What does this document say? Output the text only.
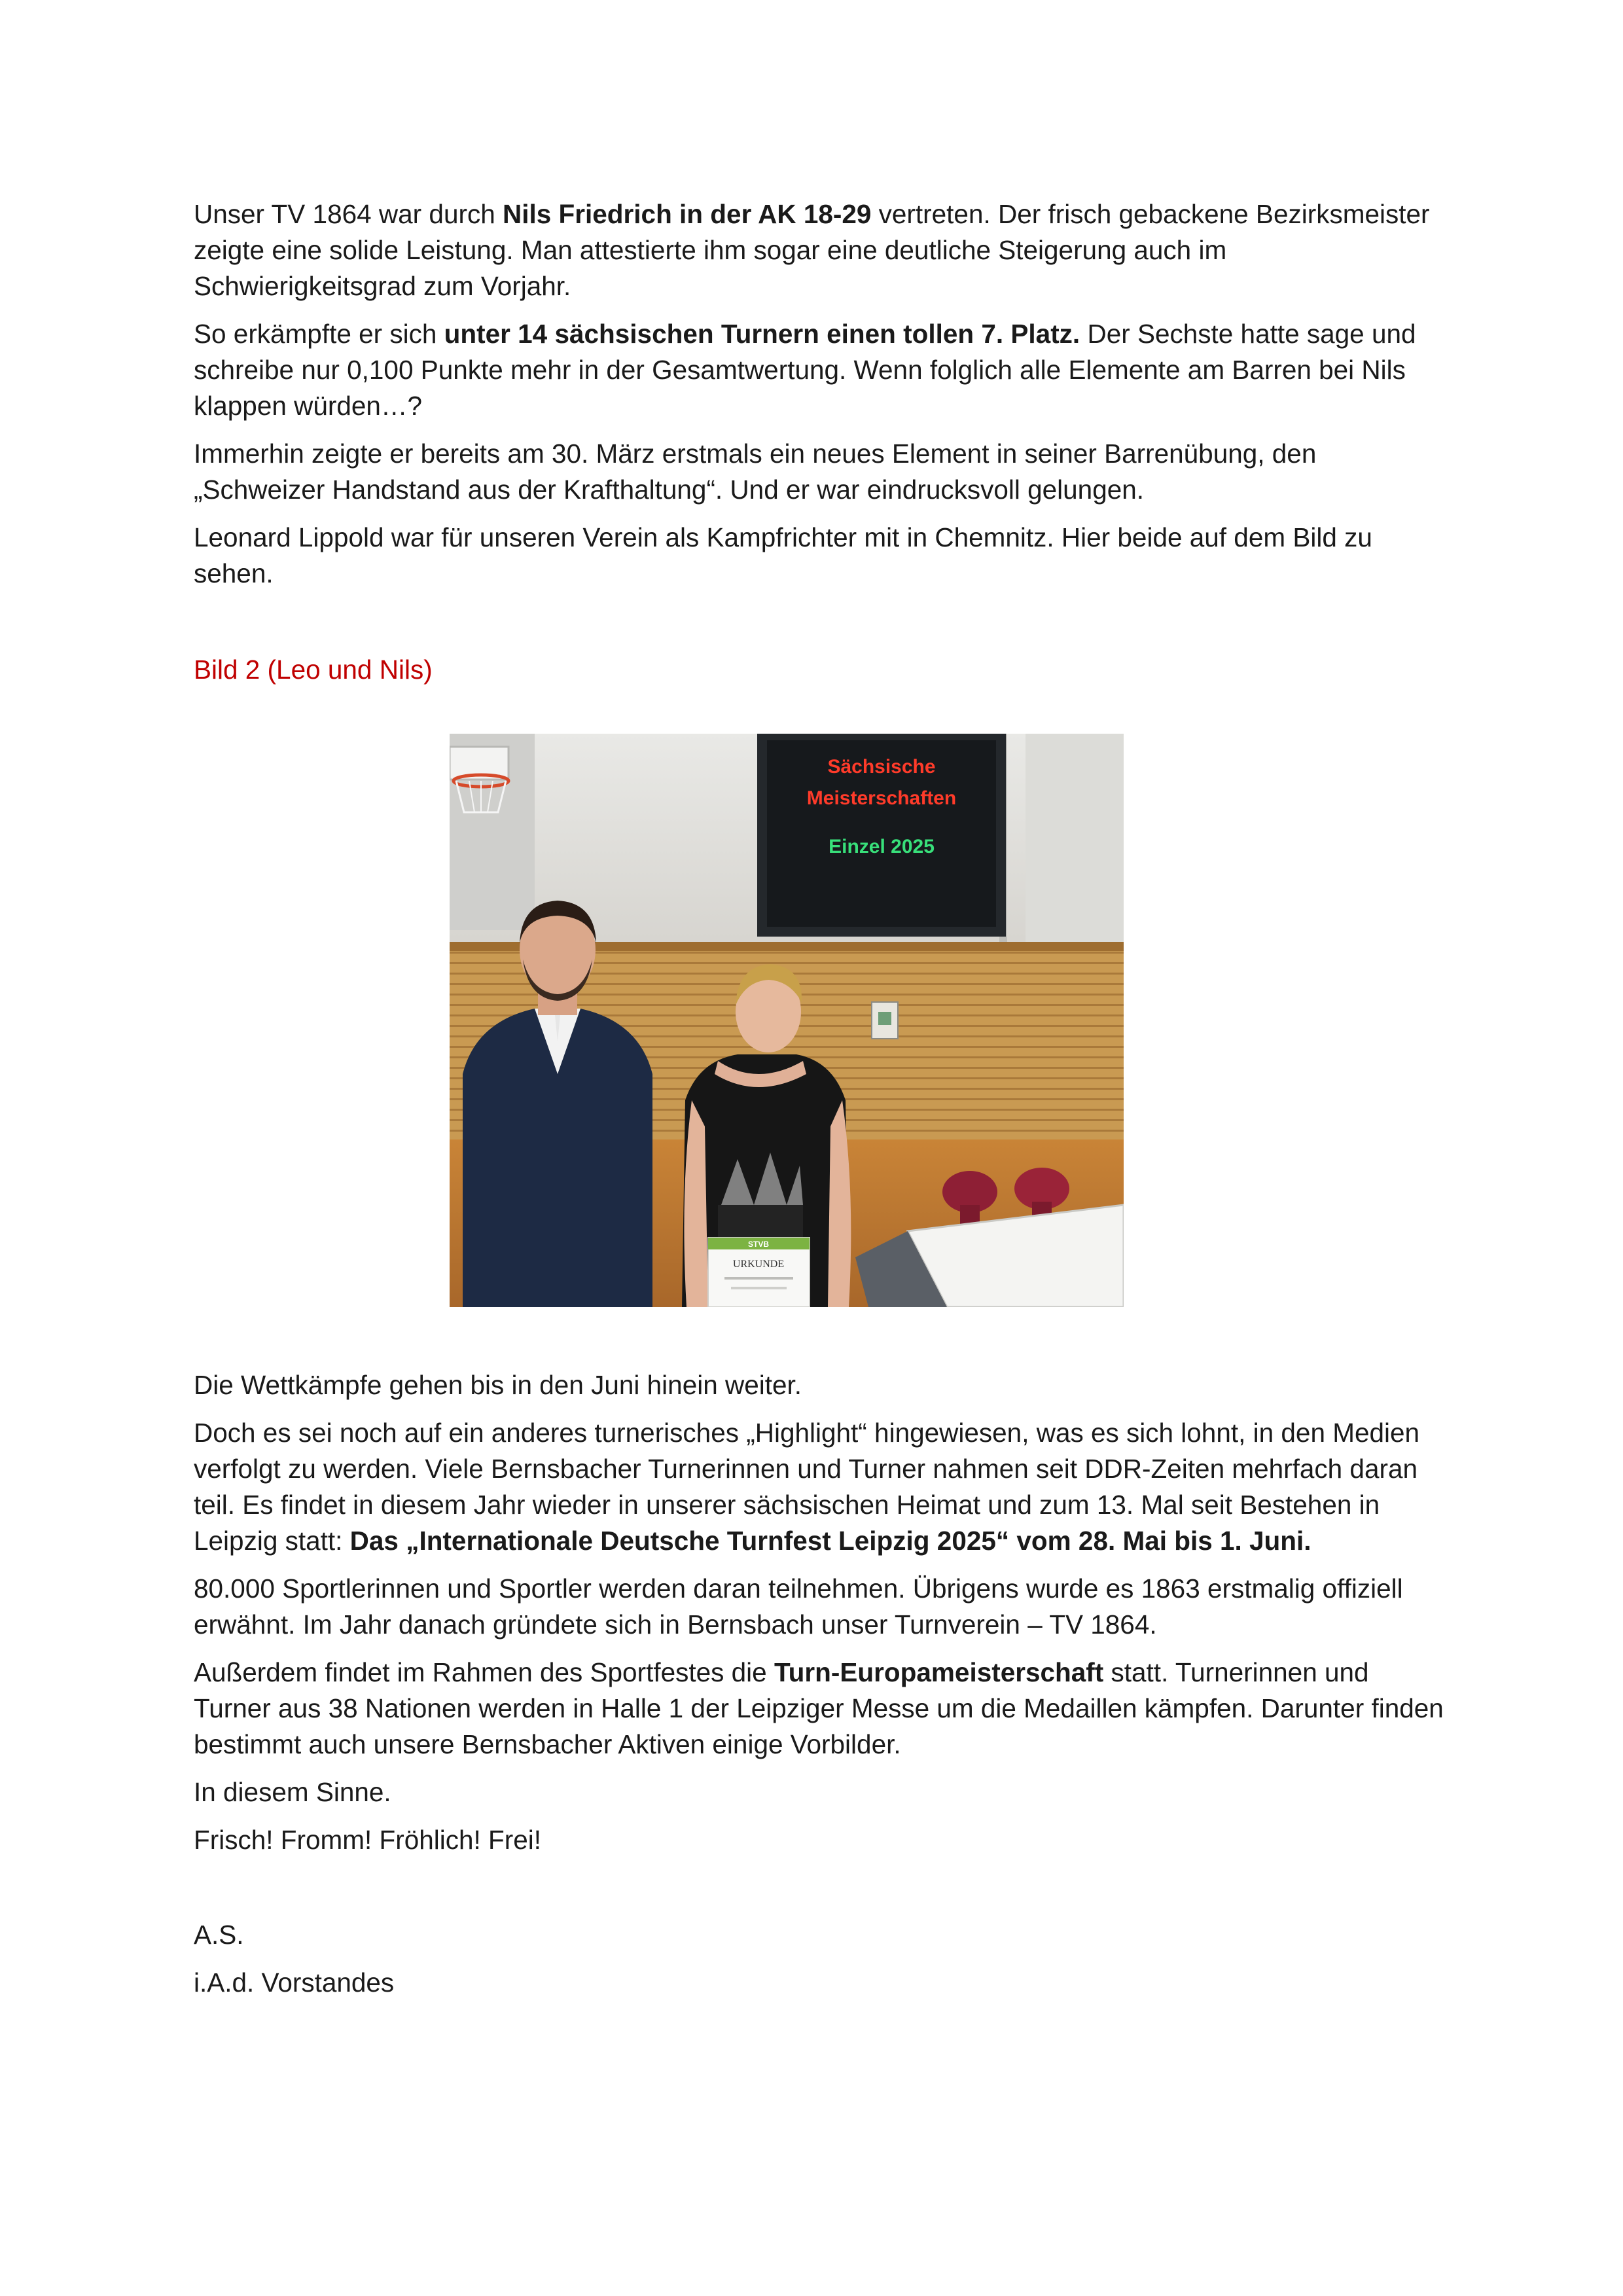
Unser TV 1864 war durch Nils Friedrich in der AK 18-29 vertreten. Der frisch gebackene Bezirksmeister zeigte eine solide Leistung. Man attestierte ihm sogar eine deutliche Steigerung auch im Schwierigkeitsgrad zum Vorjahr.

So erkämpfte er sich unter 14 sächsischen Turnern einen tollen 7. Platz. Der Sechste hatte sage und schreibe nur 0,100 Punkte mehr in der Gesamtwertung. Wenn folglich alle Elemente am Barren bei Nils klappen würden…?

Immerhin zeigte er bereits am 30. März erstmals ein neues Element in seiner Barrenübung, den „Schweizer Handstand aus der Krafthaltung“. Und er war eindrucksvoll gelungen.

Leonard Lippold war für unseren Verein als Kampfrichter mit in Chemnitz. Hier beide auf dem Bild zu sehen.

Bild 2 (Leo und Nils)

Sächsische
Meisterschaften
Einzel 2025
STVB
URKUNDE

Die Wettkämpfe gehen bis in den Juni hinein weiter.

Doch es sei noch auf ein anderes turnerisches „Highlight“ hingewiesen, was es sich lohnt, in den Medien verfolgt zu werden. Viele Bernsbacher Turnerinnen und Turner nahmen seit DDR-Zeiten mehrfach daran teil. Es findet in diesem Jahr wieder in unserer sächsischen Heimat und zum 13. Mal seit Bestehen in Leipzig statt: Das „Internationale Deutsche Turnfest Leipzig 2025“ vom 28. Mai bis 1. Juni.

80.000 Sportlerinnen und Sportler werden daran teilnehmen. Übrigens wurde es 1863 erstmalig offiziell erwähnt. Im Jahr danach gründete sich in Bernsbach unser Turnverein – TV 1864.

Außerdem findet im Rahmen des Sportfestes die Turn-Europameisterschaft statt. Turnerinnen und Turner aus 38 Nationen werden in Halle 1 der Leipziger Messe um die Medaillen kämpfen. Darunter finden bestimmt auch unsere Bernsbacher Aktiven einige Vorbilder.

In diesem Sinne.

Frisch! Fromm! Fröhlich! Frei!

A.S.

i.A.d. Vorstandes
